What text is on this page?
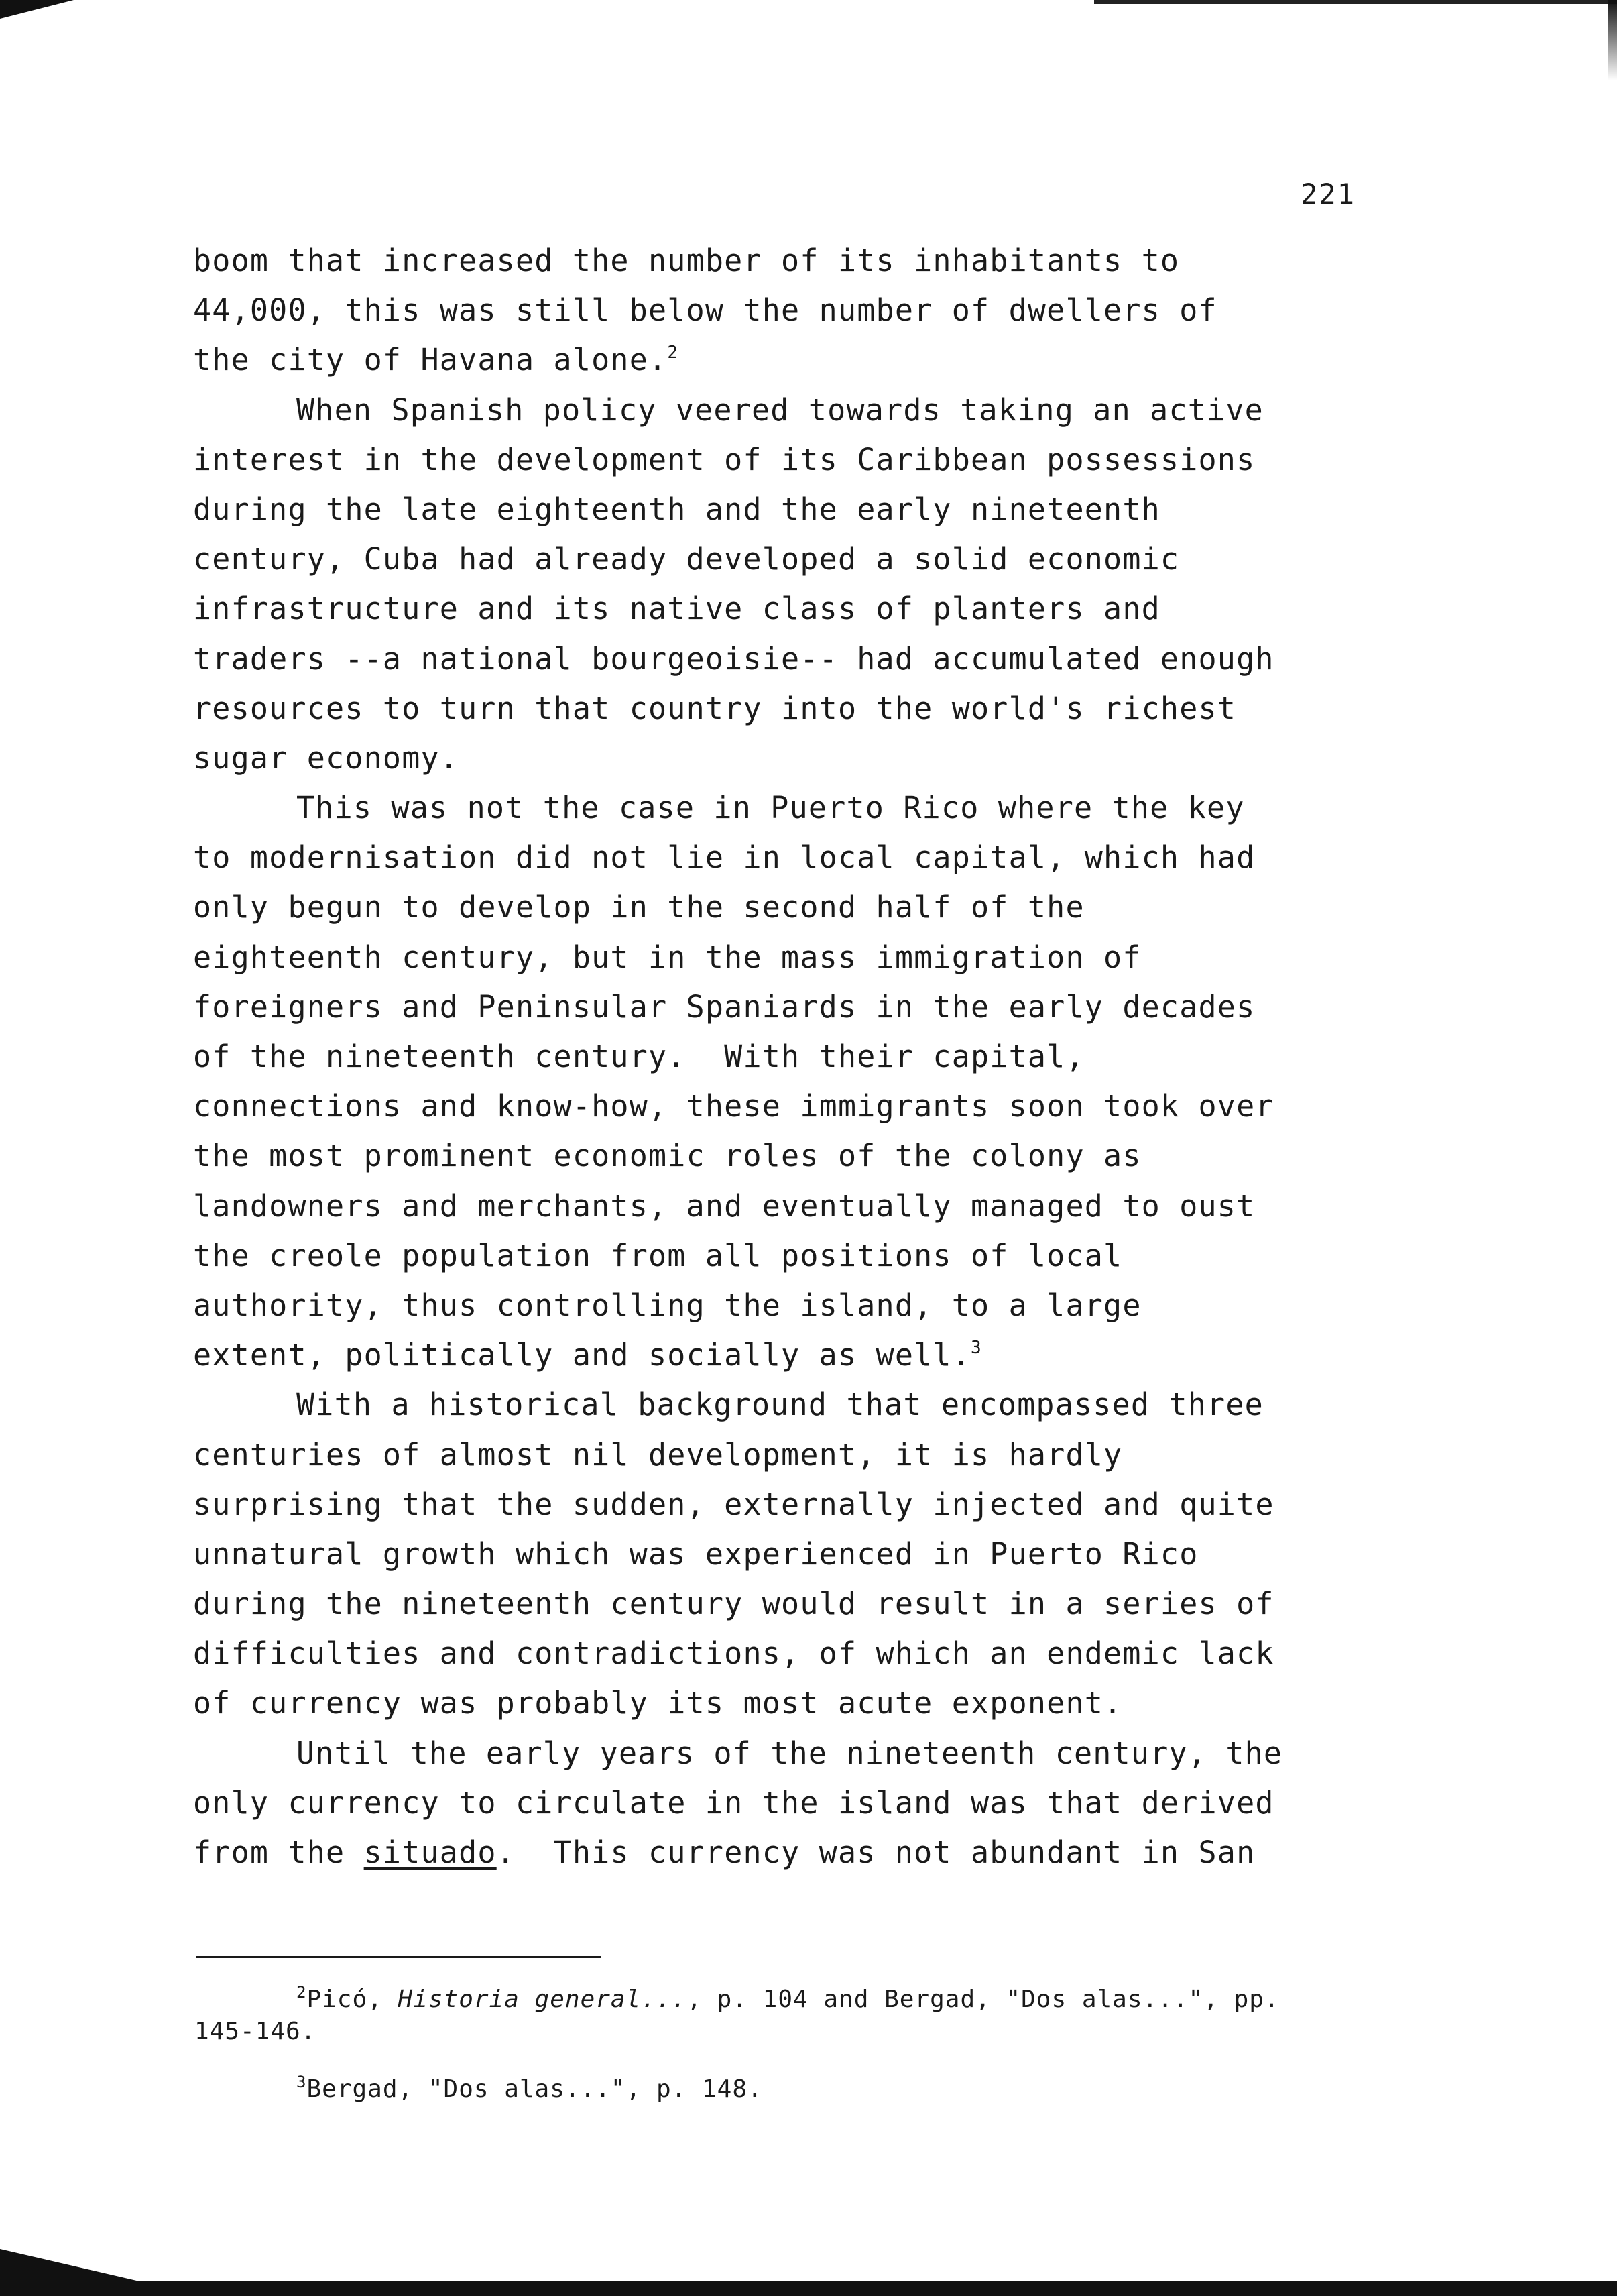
221

boom that increased the number of its inhabitants to
44,000, this was still below the number of dwellers of
the city of Havana alone.$^2$
When Spanish policy veered towards taking an active
interest in the development of its Caribbean possessions
during the late eighteenth and the early nineteenth
century, Cuba had already developed a solid economic
infrastructure and its native class of planters and
traders --a national bourgeoisie-- had accumulated enough
resources to turn that country into the world's richest
sugar economy.
This was not the case in Puerto Rico where the key
to modernisation did not lie in local capital, which had
only begun to develop in the second half of the
eighteenth century, but in the mass immigration of
foreigners and Peninsular Spaniards in the early decades
of the nineteenth century.  With their capital,
connections and know-how, these immigrants soon took over
the most prominent economic roles of the colony as
landowners and merchants, and eventually managed to oust
the creole population from all positions of local
authority, thus controlling the island, to a large
extent, politically and socially as well.$^3$
With a historical background that encompassed three
centuries of almost nil development, it is hardly
surprising that the sudden, externally injected and quite
unnatural growth which was experienced in Puerto Rico
during the nineteenth century would result in a series of
difficulties and contradictions, of which an endemic lack
of currency was probably its most acute exponent.
Until the early years of the nineteenth century, the
only currency to circulate in the island was that derived
from the situado.  This currency was not abundant in San

$^2$Picó, Historia general..., p. 104 and Bergad, "Dos alas...", pp.
145-146.

$^3$Bergad, "Dos alas...", p. 148.
